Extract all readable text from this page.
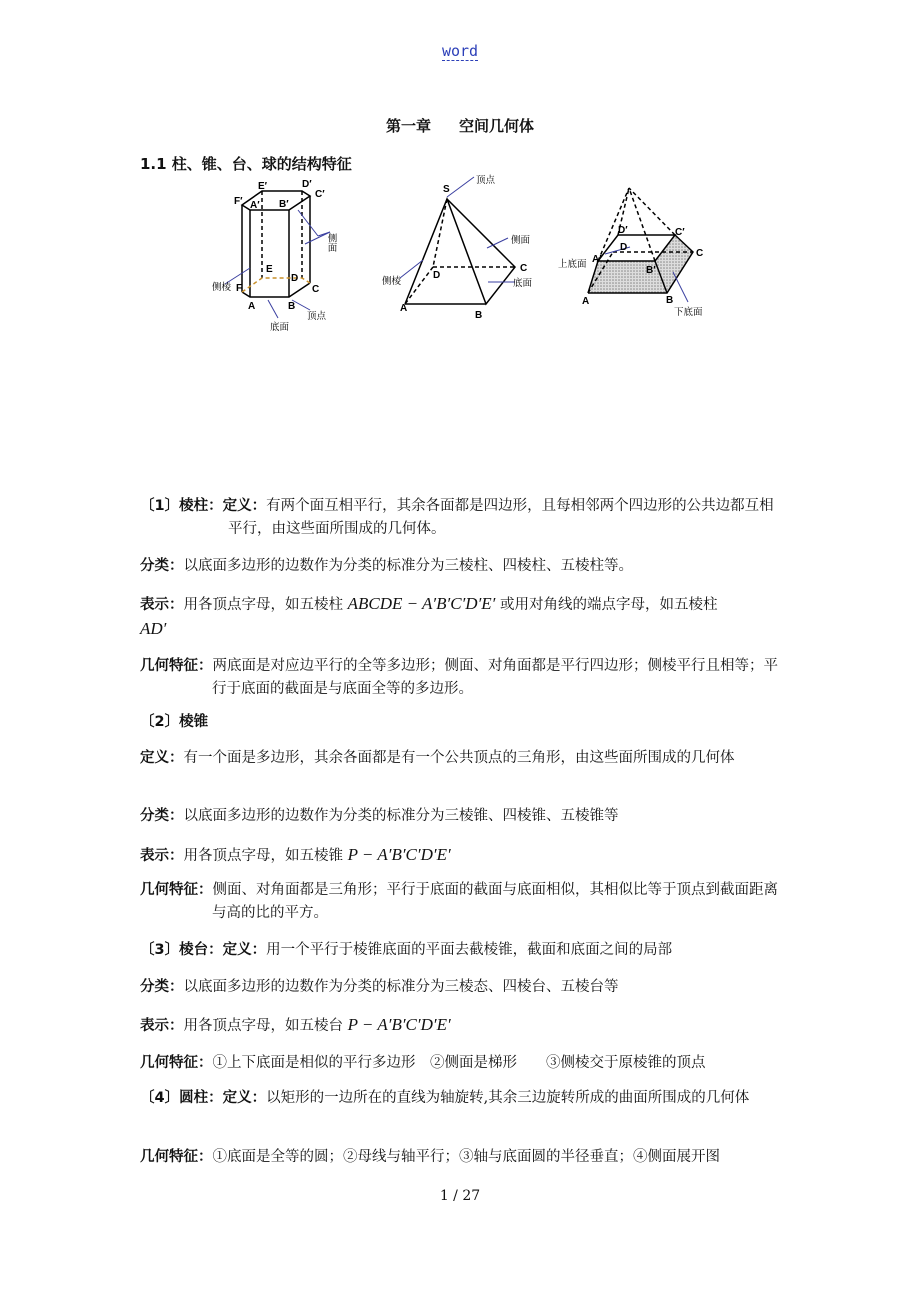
word
第一章 空间几何体
1.1 柱、锥、台、球的结构特征
F′
E′	D′
C′
A′ B′
F
E
D
C
A	B
侧面
侧棱
底面
顶点
S
A
B
C
D
顶点
侧面
侧棱	底面
A	B
C
D
A′
B′
C′
D′
上底面
下底面
〔1〕棱柱：定义：有两个面互相平行，其余各面都是四边形，且每相邻两个四边形的公共边都互相平行，由这些面所围成的几何体。
分类：以底面多边形的边数作为分类的标准分为三棱柱、四棱柱、五棱柱等。
表示：用各顶点字母，如五棱柱 ABCDE − A′B′C′D′E′ 或用对角线的端点字母，如五棱柱
AD′
几何特征：两底面是对应边平行的全等多边形；侧面、对角面都是平行四边形；侧棱平行且相等；平行于底面的截面是与底面全等的多边形。
〔2〕棱锥
定义：有一个面是多边形，其余各面都是有一个公共顶点的三角形，由这些面所围成的几何体
分类：以底面多边形的边数作为分类的标准分为三棱锥、四棱锥、五棱锥等
表示：用各顶点字母，如五棱锥 P − A′B′C′D′E′
几何特征：侧面、对角面都是三角形；平行于底面的截面与底面相似，其相似比等于顶点到截面距离与高的比的平方。
〔3〕棱台：定义：用一个平行于棱锥底面的平面去截棱锥，截面和底面之间的局部
分类：以底面多边形的边数作为分类的标准分为三棱态、四棱台、五棱台等
表示：用各顶点字母，如五棱台 P − A′B′C′D′E′
几何特征：①上下底面是相似的平行多边形　②侧面是梯形　　③侧棱交于原棱锥的顶点
〔4〕圆柱：定义：以矩形的一边所在的直线为轴旋转,其余三边旋转所成的曲面所围成的几何体
几何特征：①底面是全等的圆；②母线与轴平行；③轴与底面圆的半径垂直；④侧面展开图
1 / 27
